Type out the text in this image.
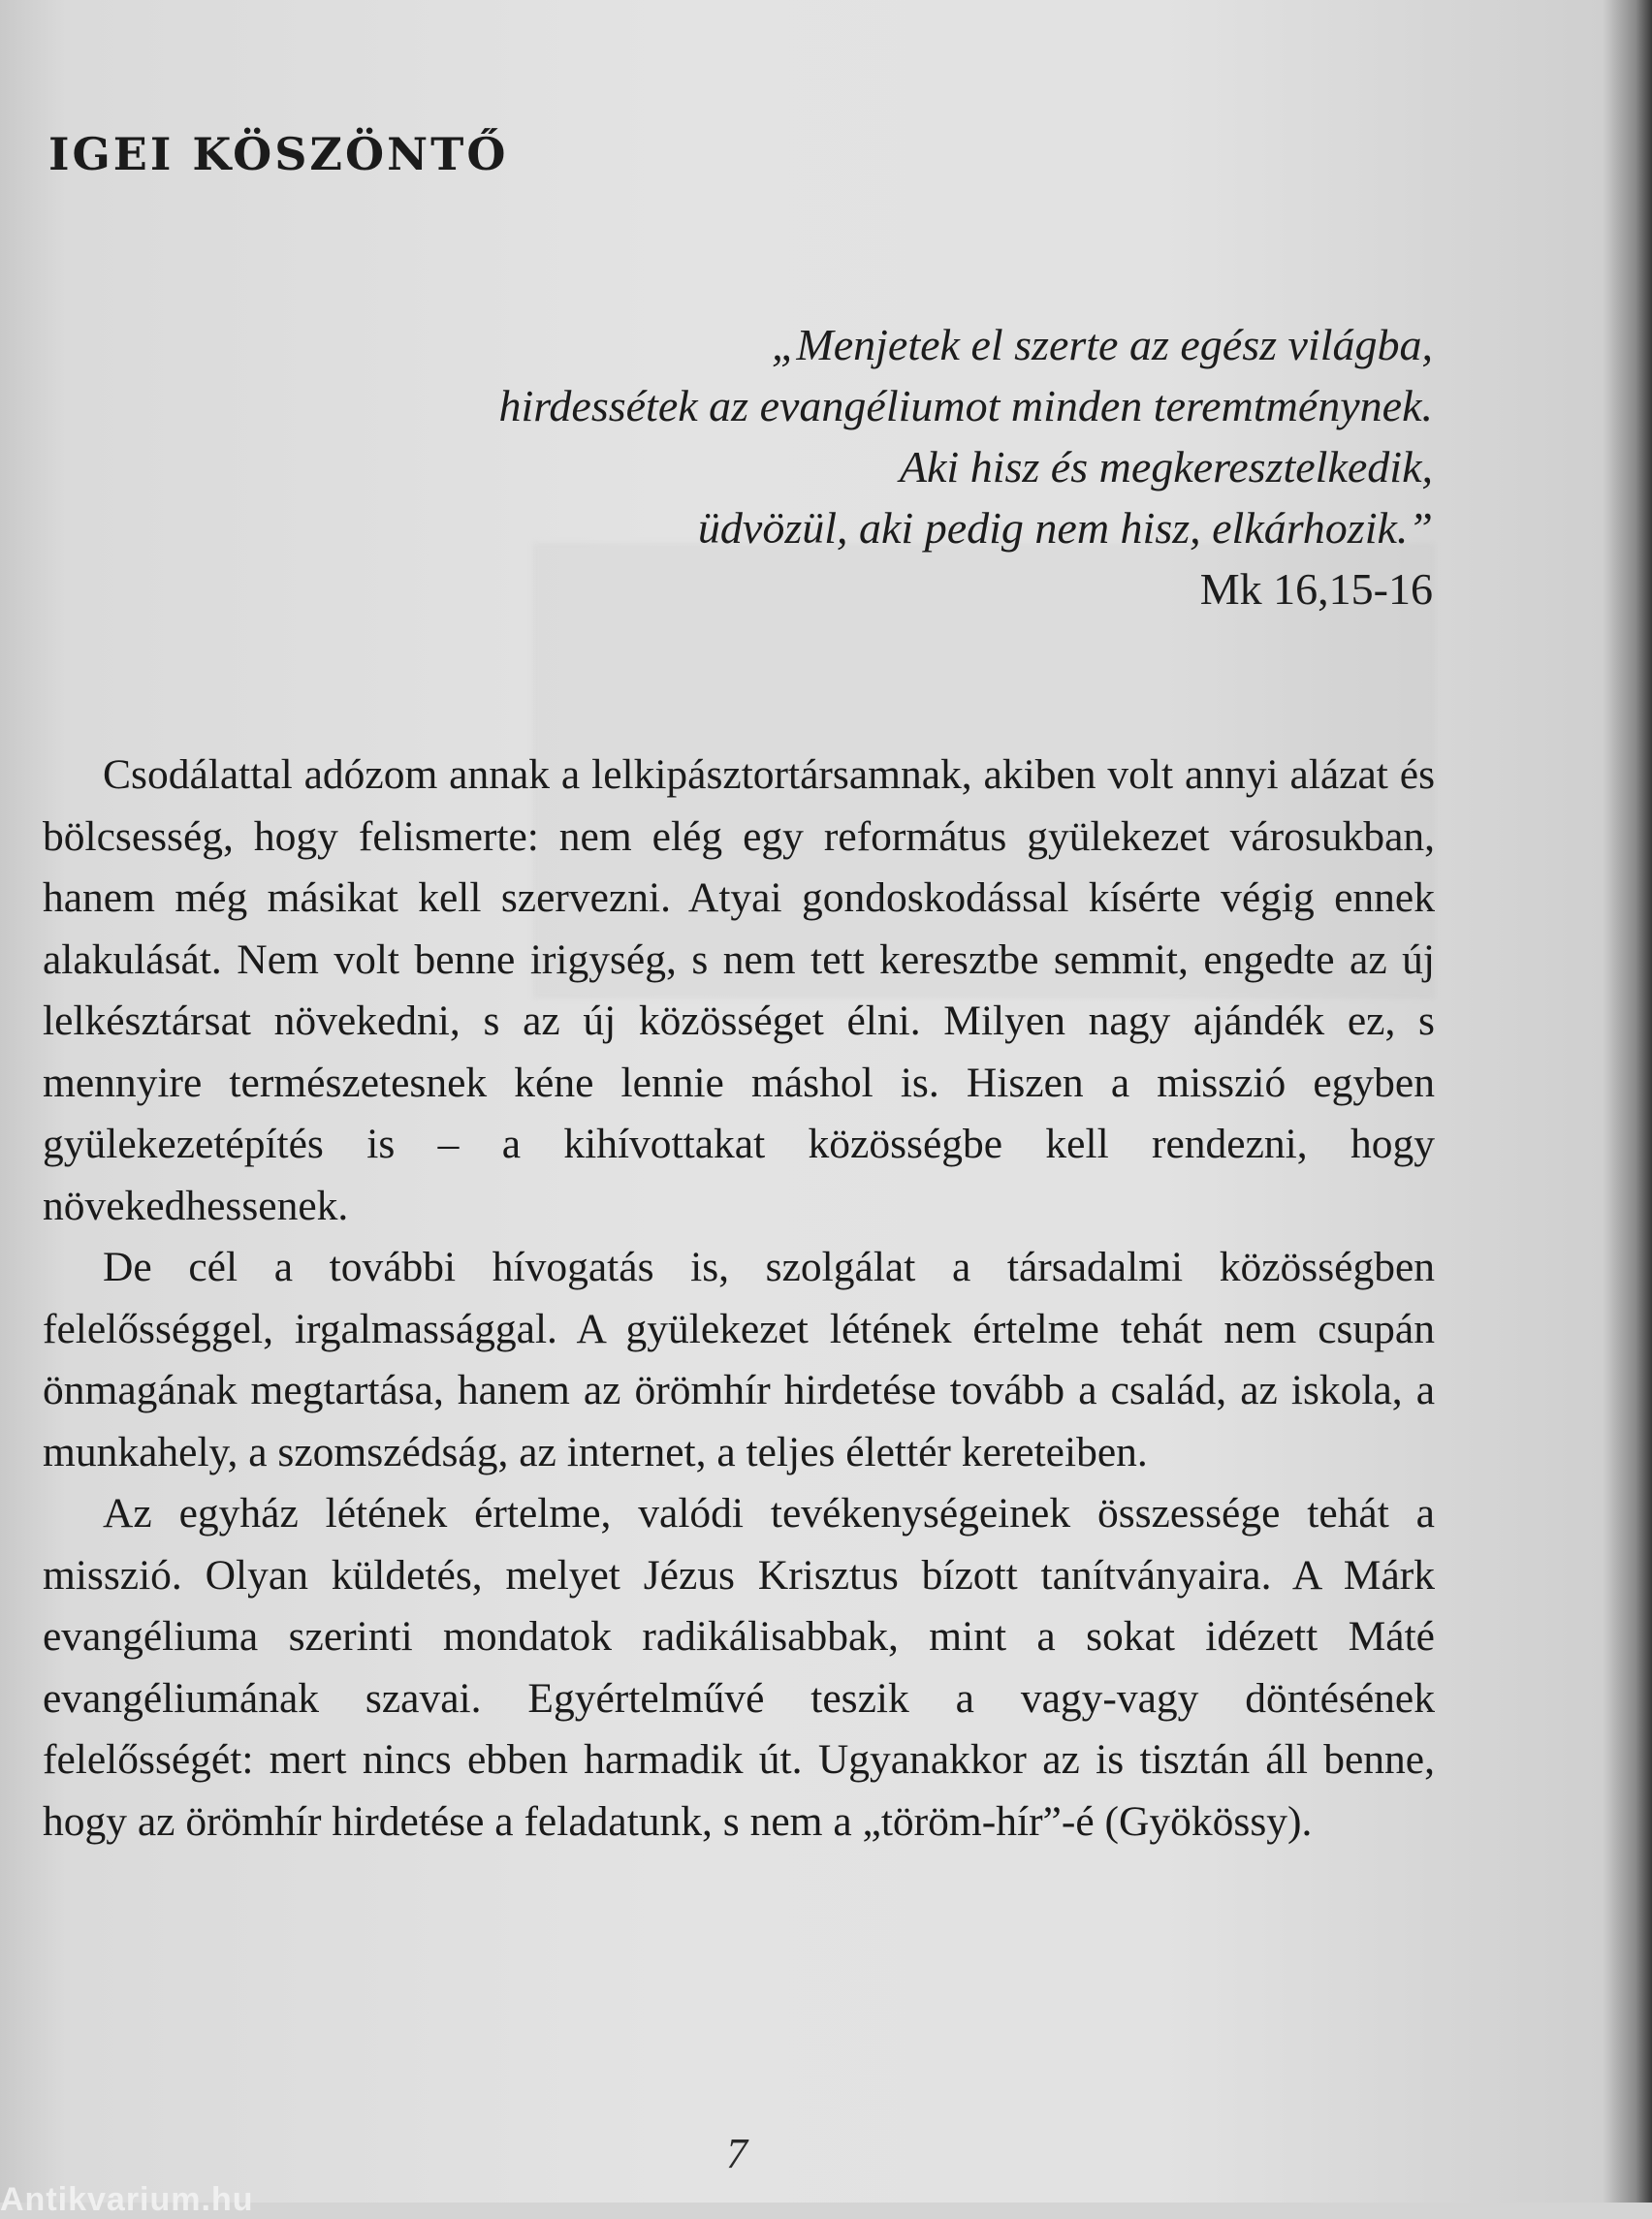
IGEI KÖSZÖNTŐ
„Menjetek el szerte az egész világba,
hirdessétek az evangéliumot minden teremtménynek.
Aki hisz és megkeresztelkedik,
üdvözül, aki pedig nem hisz, elkárhozik.”
Mk 16,15-16

Csodálattal adózom annak a lelkipásztortársamnak, akiben volt annyi alázat és bölcsesség, hogy felismerte: nem elég egy református gyülekezet városukban, hanem még másikat kell szervezni. Atyai gondoskodással kísérte végig ennek alakulását. Nem volt benne irigység, s nem tett keresztbe semmit, engedte az új lelkésztársat növekedni, s az új közösséget élni. Milyen nagy ajándék ez, s mennyire természetesnek kéne lennie máshol is. Hiszen a misszió egyben gyülekezetépítés is – a kihívottakat közösségbe kell rendezni, hogy növekedhessenek.

De cél a további hívogatás is, szolgálat a társadalmi közösségben felelősséggel, irgalmassággal. A gyülekezet létének értelme tehát nem csupán önmagának megtartása, hanem az örömhír hirdetése tovább a család, az iskola, a munkahely, a szomszédság, az internet, a teljes élettér kereteiben.

Az egyház létének értelme, valódi tevékenységeinek összessége tehát a misszió. Olyan küldetés, melyet Jézus Krisztus bízott tanítványaira. A Márk evangéliuma szerinti mondatok radikálisabbak, mint a sokat idézett Máté evangéliumának szavai. Egyértelművé teszik a vagy-vagy döntésének felelősségét: mert nincs ebben harmadik út. Ugyanakkor az is tisztán áll benne, hogy az örömhír hirdetése a feladatunk, s nem a „töröm-hír”-é (Gyökössy).

7
Antikvarium.hu
